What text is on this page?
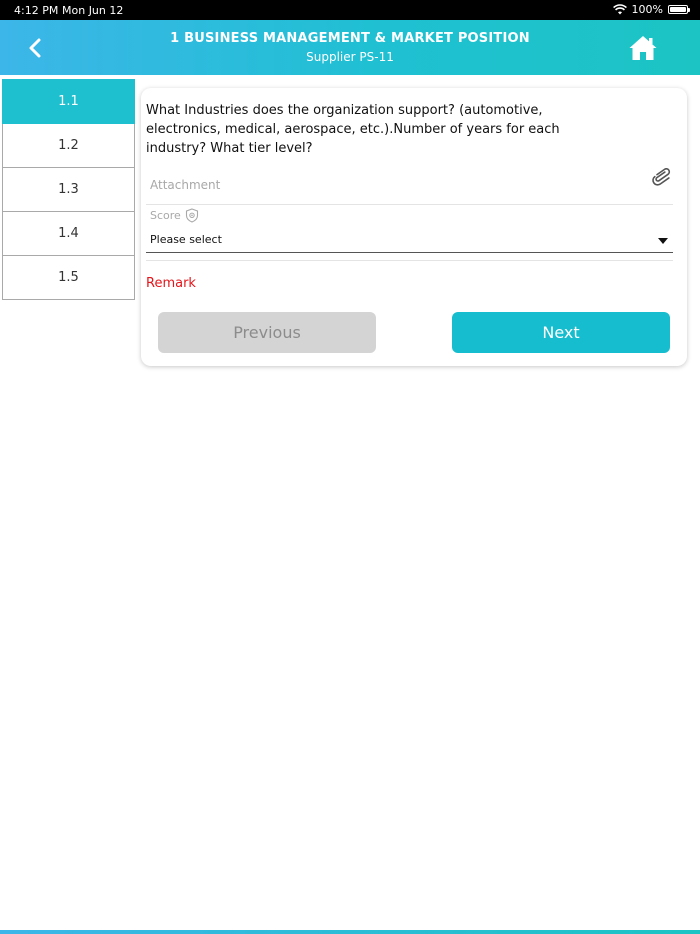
4:12 PM Mon Jun 12	100%
1 BUSINESS MANAGEMENT & MARKET POSITION
Supplier PS-11
1.1
1.2
1.3
1.4
1.5
What Industries does the organization support? (automotive, electronics, medical, aerospace, etc.).Number of years for each industry? What tier level?
Attachment
Score
Please select
Remark
Previous	Next
